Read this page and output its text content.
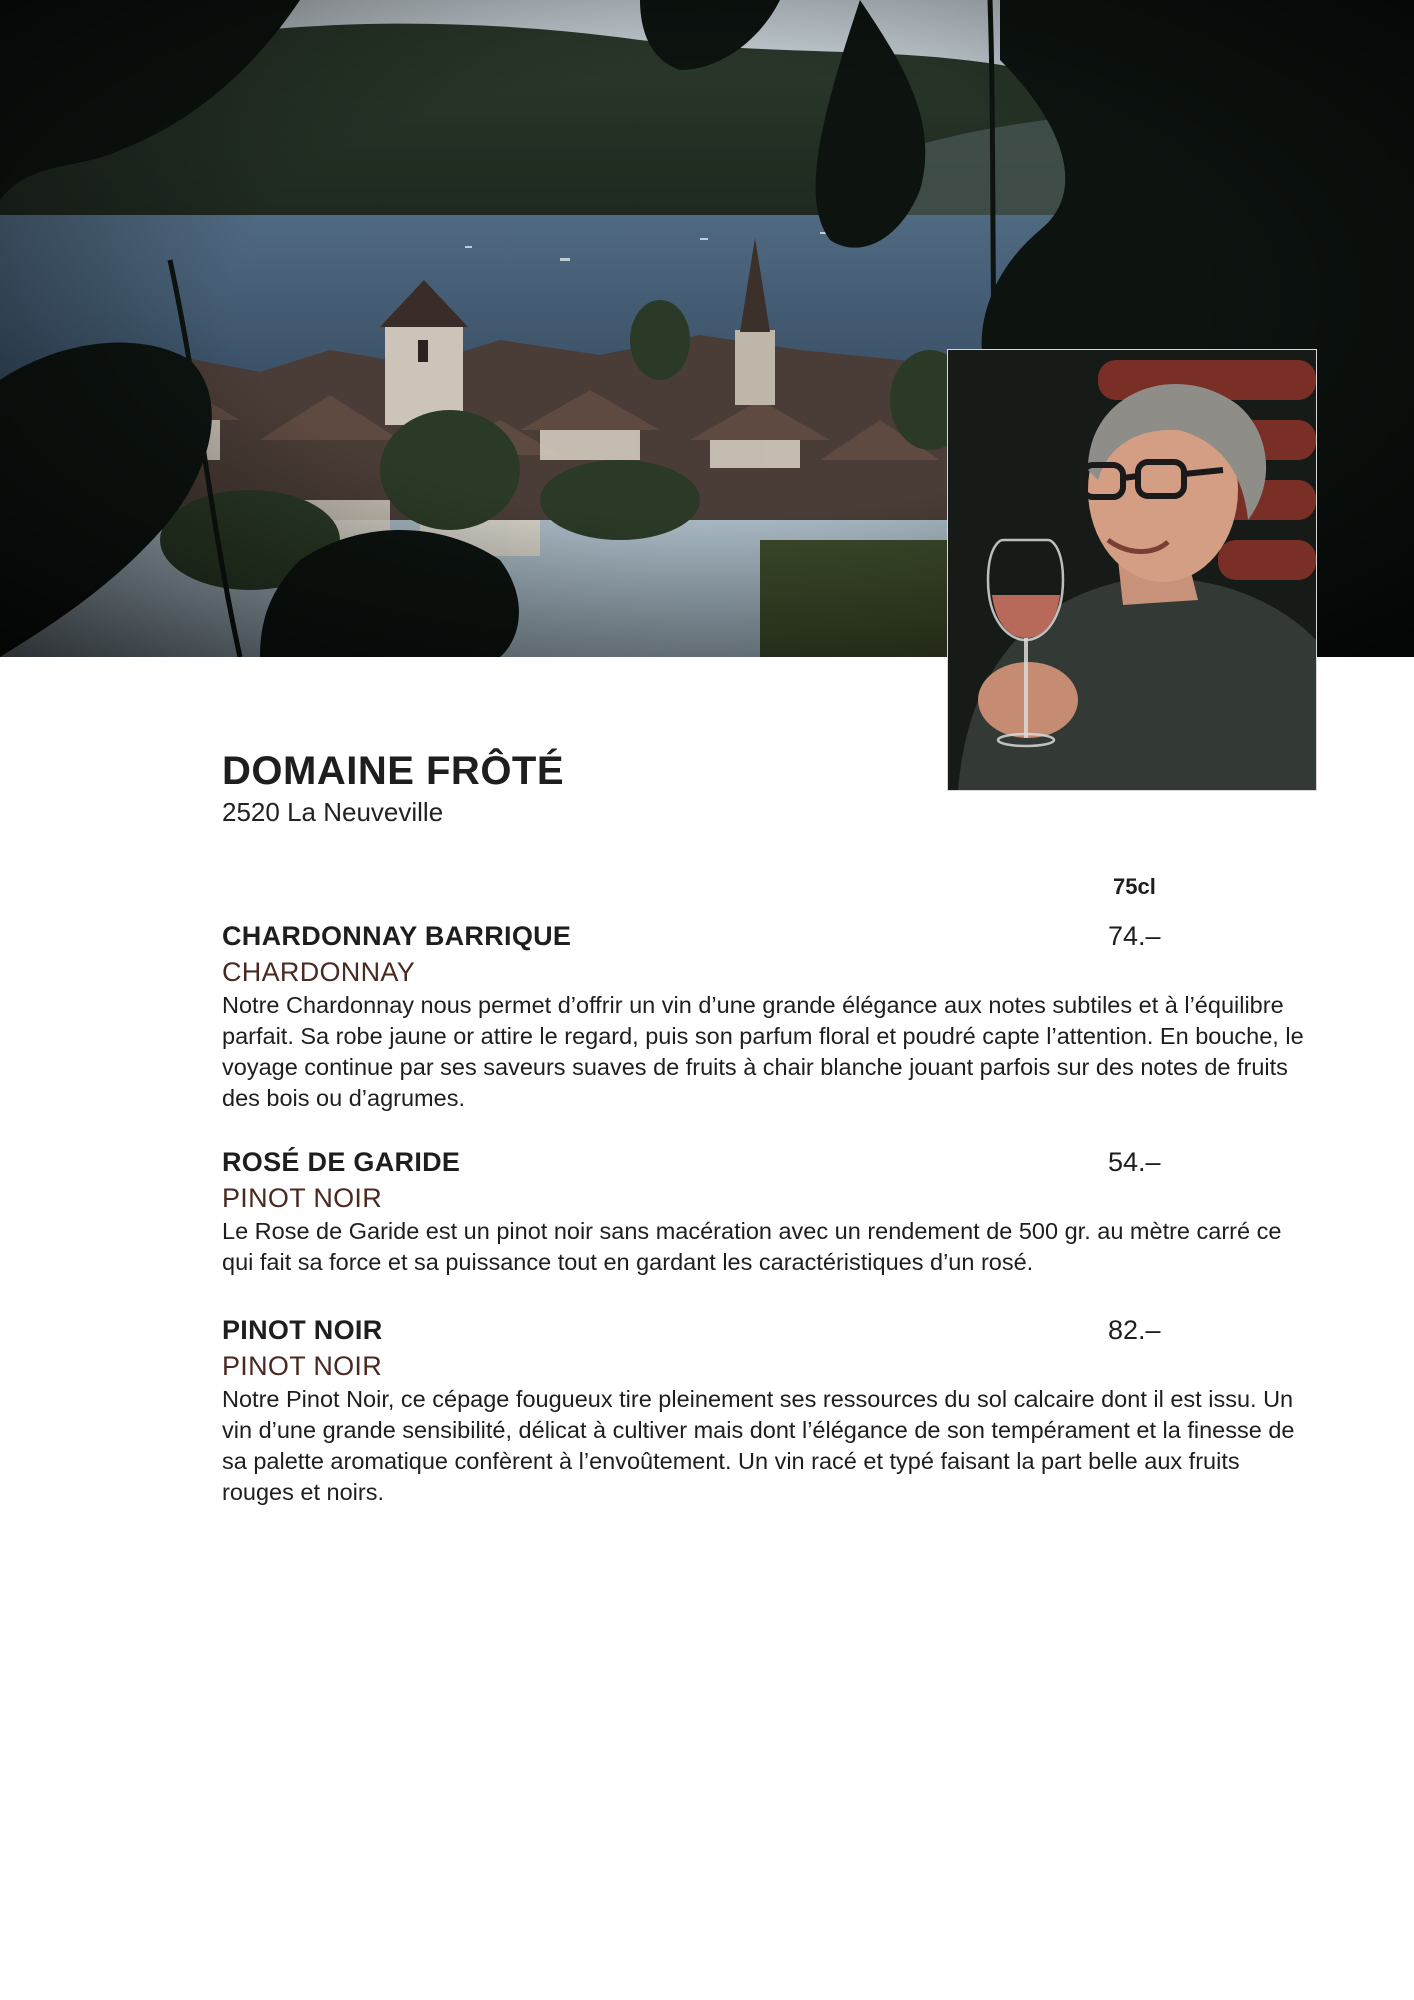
DOMAINE FRÔTÉ
2520 La Neuveville
75cl
CHARDONNAY BARRIQUE	74.–
CHARDONNAY
Notre Chardonnay nous permet d’offrir un vin d’une grande élégance aux notes subtiles et à l’équilibre parfait. Sa robe jaune or attire le regard, puis son parfum floral et poudré capte l’attention. En bouche, le voyage continue par ses saveurs suaves de fruits à chair blanche jouant parfois sur des notes de fruits des bois ou d’agrumes.
ROSÉ DE GARIDE	54.–
PINOT NOIR
Le Rose de Garide est un pinot noir sans macération avec un rendement de 500 gr. au mètre carré ce qui fait sa force et sa puissance tout en gardant les caractéristiques d’un rosé.
PINOT NOIR	82.–
PINOT NOIR
Notre Pinot Noir, ce cépage fougueux tire pleinement ses ressources du sol calcaire dont il est issu. Un vin d’une grande sensibilité, délicat à cultiver mais dont l’élégance de son tempérament et la finesse de sa palette aromatique confèrent à l’envoûtement. Un vin racé et typé faisant la part belle aux fruits rouges et noirs.
